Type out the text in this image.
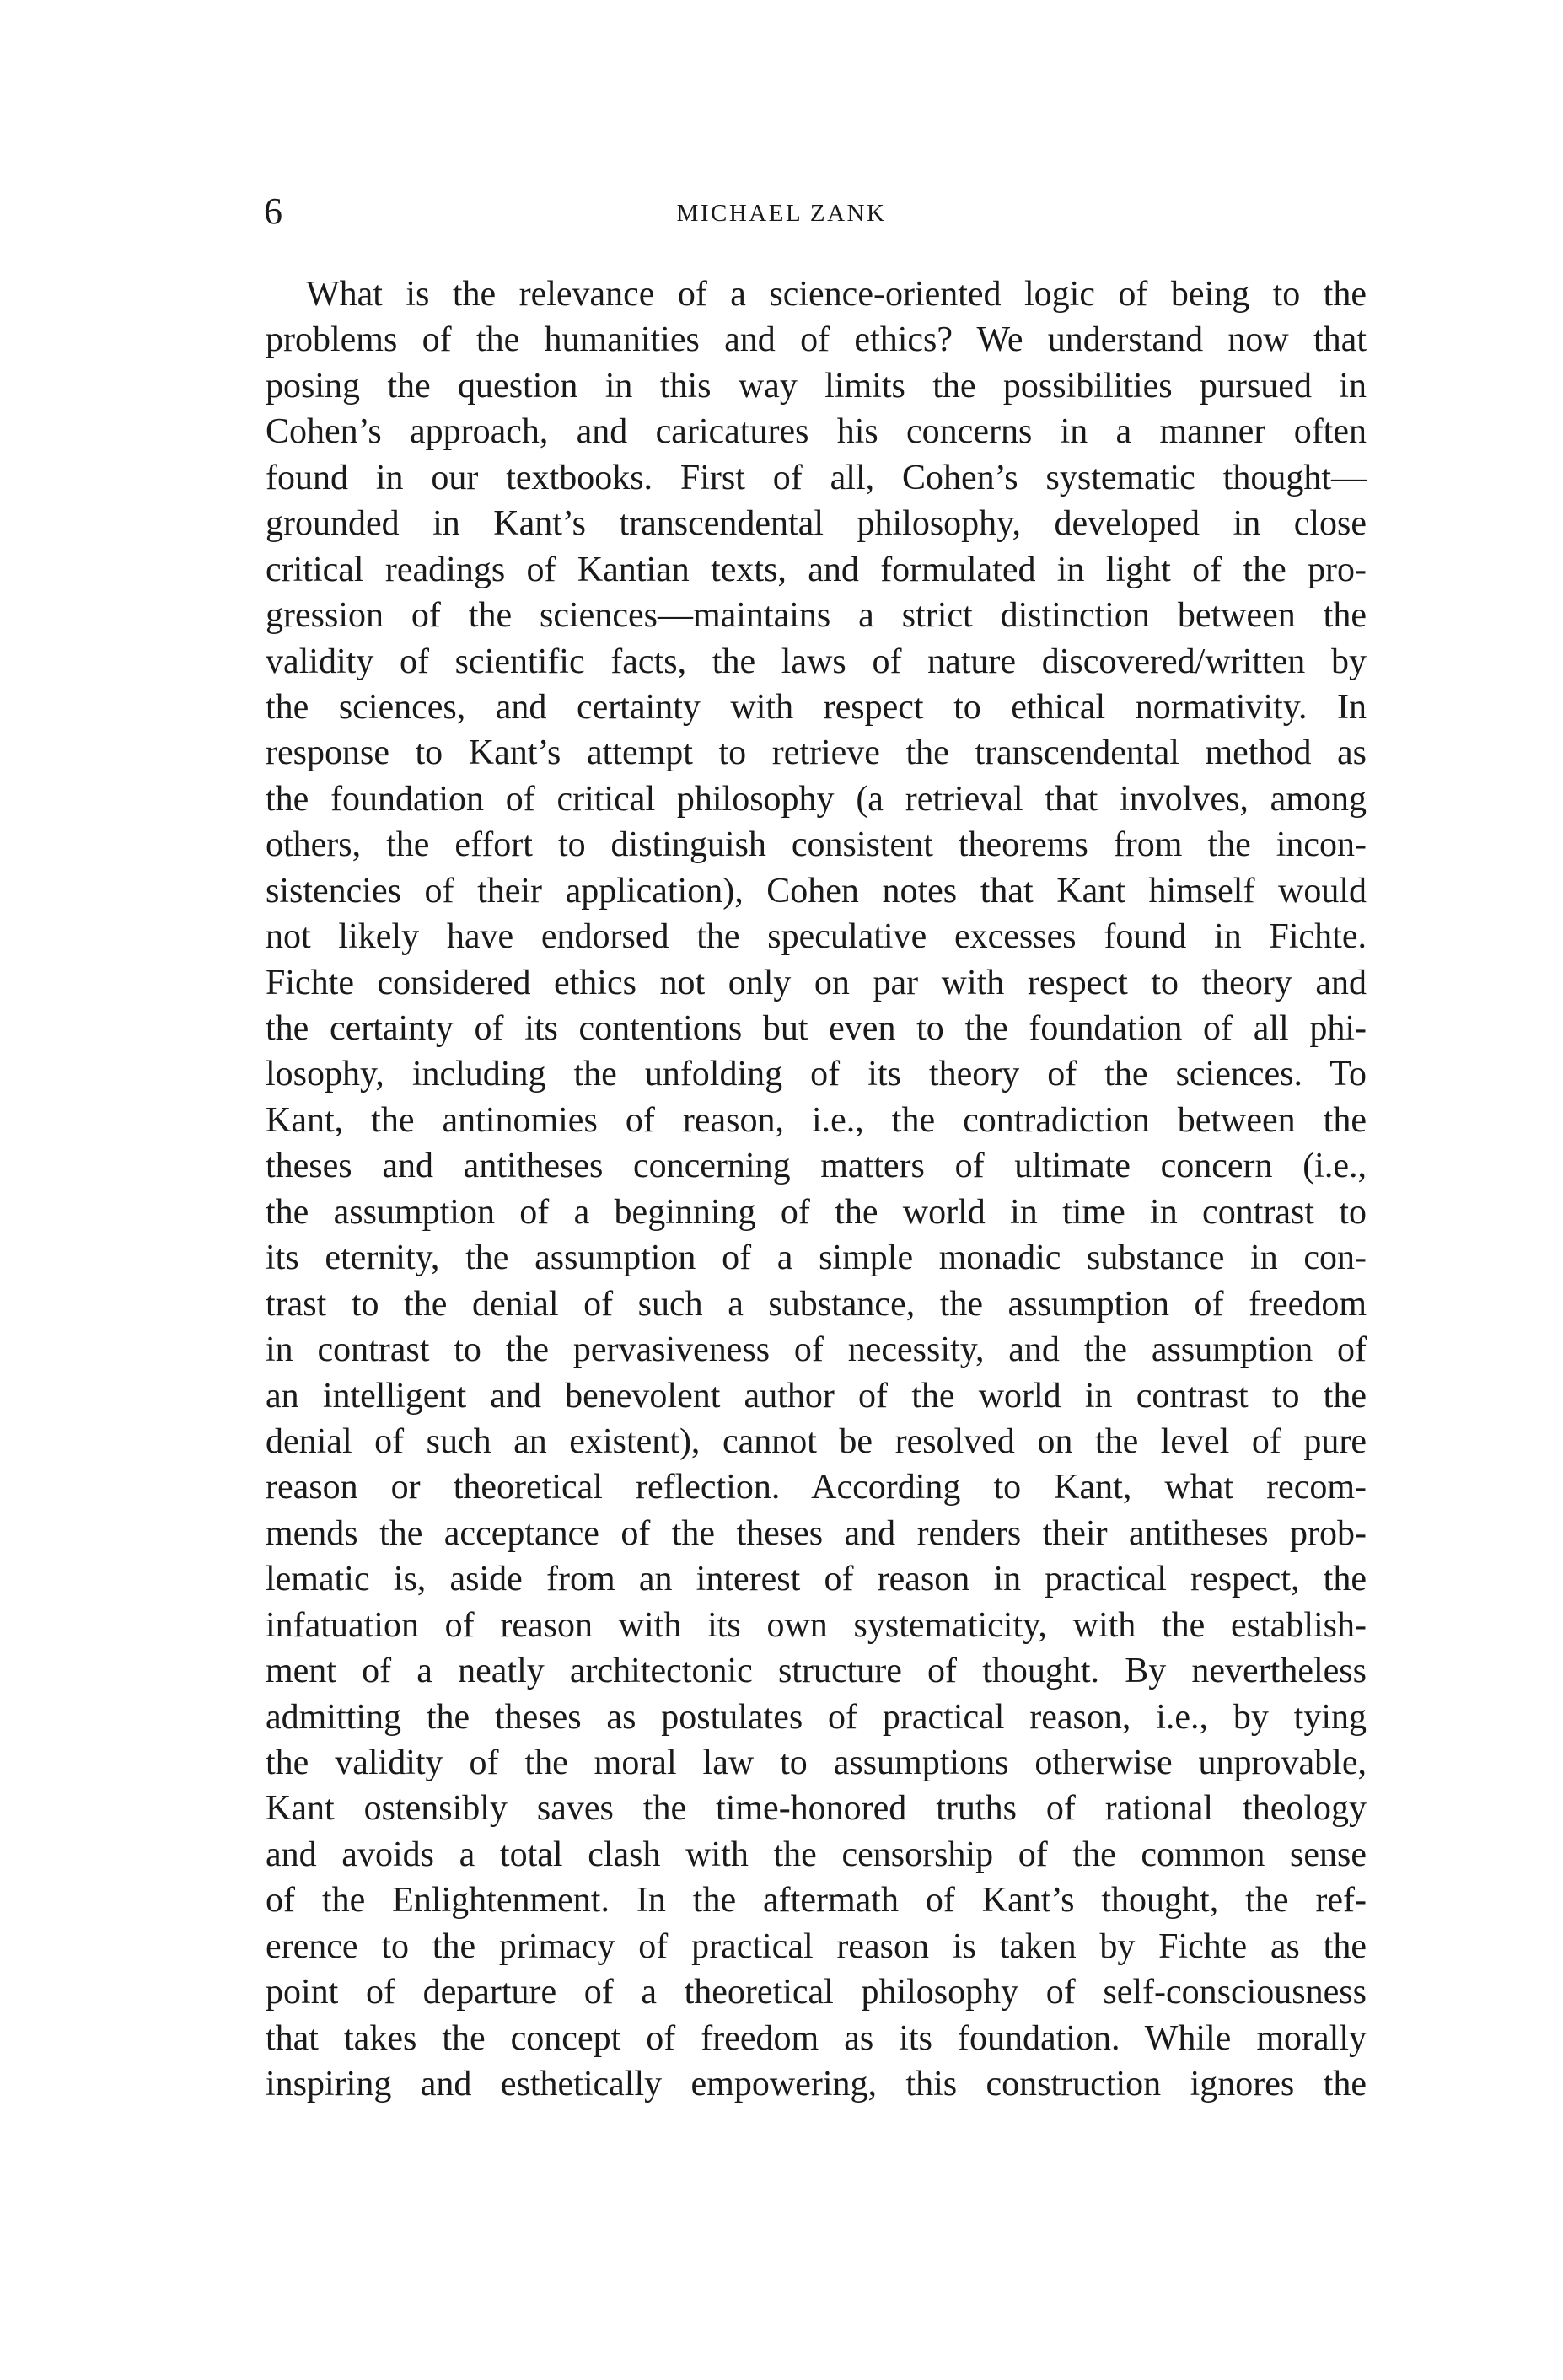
6	MICHAEL ZANK
What is the relevance of a science-oriented logic of being to the
problems of the humanities and of ethics? We understand now that
posing the question in this way limits the possibilities pursued in
Cohen’s approach, and caricatures his concerns in a manner often
found in our textbooks. First of all, Cohen’s systematic thought—
grounded in Kant’s transcendental philosophy, developed in close
critical readings of Kantian texts, and formulated in light of the pro-
gression of the sciences—maintains a strict distinction between the
validity of scientific facts, the laws of nature discovered/written by
the sciences, and certainty with respect to ethical normativity. In
response to Kant’s attempt to retrieve the transcendental method as
the foundation of critical philosophy (a retrieval that involves, among
others, the effort to distinguish consistent theorems from the incon-
sistencies of their application), Cohen notes that Kant himself would
not likely have endorsed the speculative excesses found in Fichte.
Fichte considered ethics not only on par with respect to theory and
the certainty of its contentions but even to the foundation of all phi-
losophy, including the unfolding of its theory of the sciences. To
Kant, the antinomies of reason, i.e., the contradiction between the
theses and antitheses concerning matters of ultimate concern (i.e.,
the assumption of a beginning of the world in time in contrast to
its eternity, the assumption of a simple monadic substance in con-
trast to the denial of such a substance, the assumption of freedom
in contrast to the pervasiveness of necessity, and the assumption of
an intelligent and benevolent author of the world in contrast to the
denial of such an existent), cannot be resolved on the level of pure
reason or theoretical reflection. According to Kant, what recom-
mends the acceptance of the theses and renders their antitheses prob-
lematic is, aside from an interest of reason in practical respect, the
infatuation of reason with its own systematicity, with the establish-
ment of a neatly architectonic structure of thought. By nevertheless
admitting the theses as postulates of practical reason, i.e., by tying
the validity of the moral law to assumptions otherwise unprovable,
Kant ostensibly saves the time-honored truths of rational theology
and avoids a total clash with the censorship of the common sense
of the Enlightenment. In the aftermath of Kant’s thought, the ref-
erence to the primacy of practical reason is taken by Fichte as the
point of departure of a theoretical philosophy of self-consciousness
that takes the concept of freedom as its foundation. While morally
inspiring and esthetically empowering, this construction ignores the
